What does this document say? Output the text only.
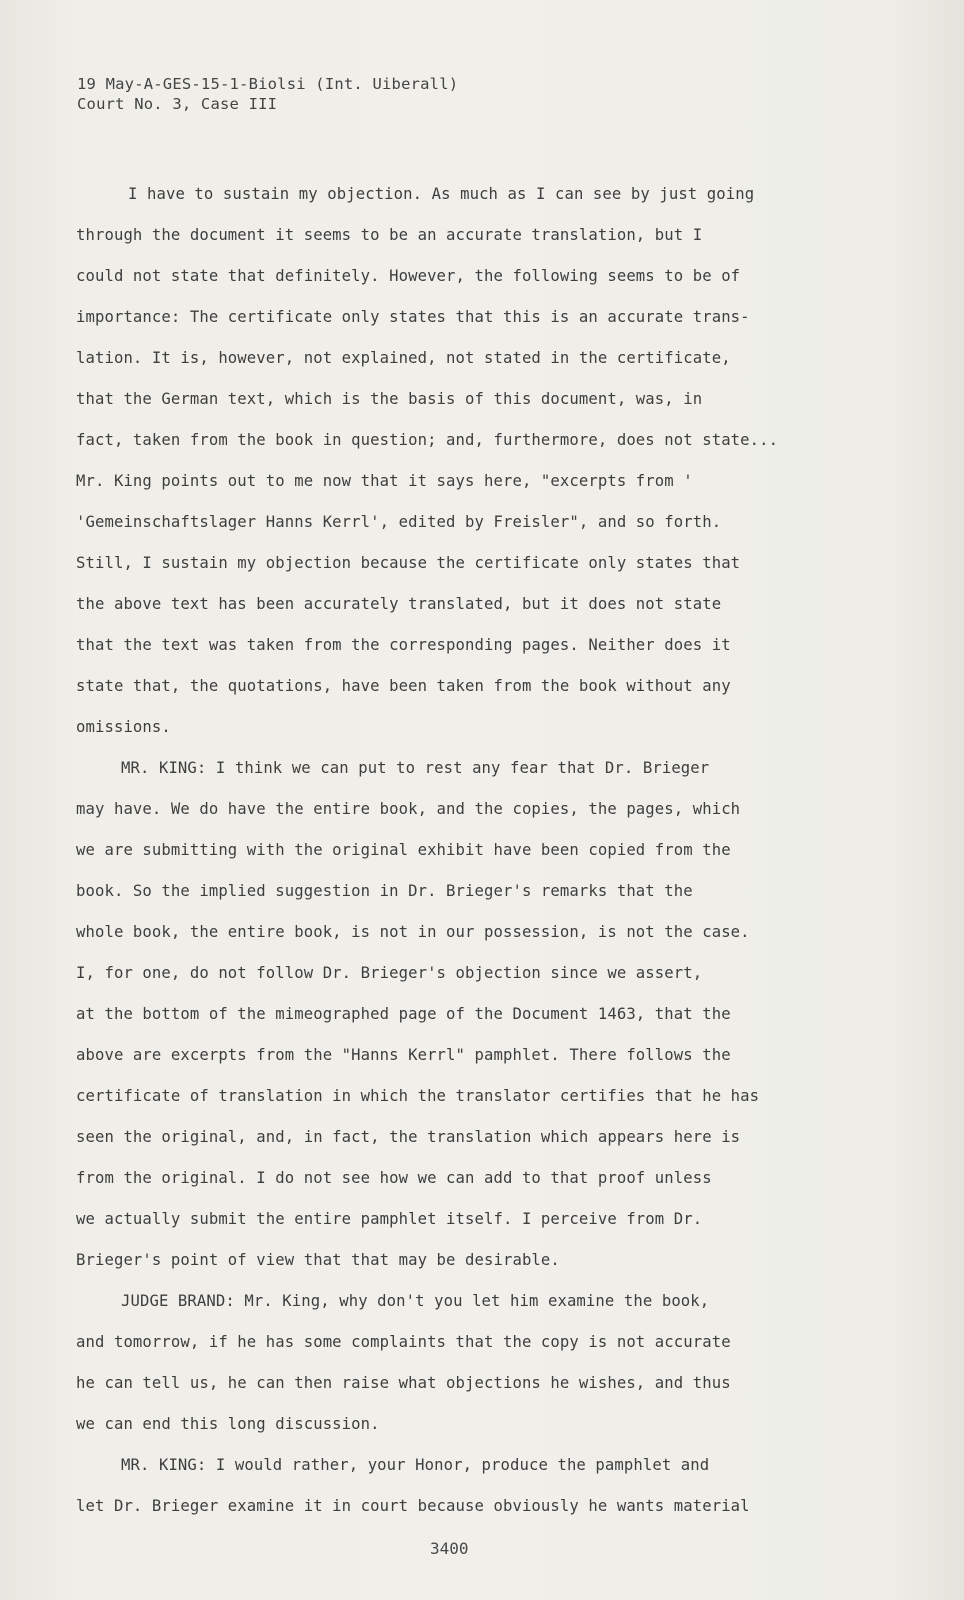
19 May-A-GES-15-1-Biolsi (Int. Uiberall)
Court No. 3, Case III
I have to sustain my objection. As much as I can see by just going
through the document it seems to be an accurate translation, but I
could not state that definitely. However, the following seems to be of
importance: The certificate only states that this is an accurate trans-
lation. It is, however, not explained, not stated in the certificate,
that the German text, which is the basis of this document, was, in
fact, taken from the book in question; and, furthermore, does not state...
Mr. King points out to me now that it says here, "excerpts from '
'Gemeinschaftslager Hanns Kerrl', edited by Freisler", and so forth.
Still, I sustain my objection because the certificate only states that
the above text has been accurately translated, but it does not state
that the text was taken from the corresponding pages. Neither does it
state that, the quotations, have been taken from the book without any
omissions.
MR. KING: I think we can put to rest any fear that Dr. Brieger
may have. We do have the entire book, and the copies, the pages, which
we are submitting with the original exhibit have been copied from the
book. So the implied suggestion in Dr. Brieger's remarks that the
whole book, the entire book, is not in our possession, is not the case.
I, for one, do not follow Dr. Brieger's objection since we assert,
at the bottom of the mimeographed page of the Document 1463, that the
above are excerpts from the "Hanns Kerrl" pamphlet. There follows the
certificate of translation in which the translator certifies that he has
seen the original, and, in fact, the translation which appears here is
from the original. I do not see how we can add to that proof unless
we actually submit the entire pamphlet itself. I perceive from Dr.
Brieger's point of view that that may be desirable.
JUDGE BRAND: Mr. King, why don't you let him examine the book,
and tomorrow, if he has some complaints that the copy is not accurate
he can tell us, he can then raise what objections he wishes, and thus
we can end this long discussion.
MR. KING: I would rather, your Honor, produce the pamphlet and
let Dr. Brieger examine it in court because obviously he wants material
3400
